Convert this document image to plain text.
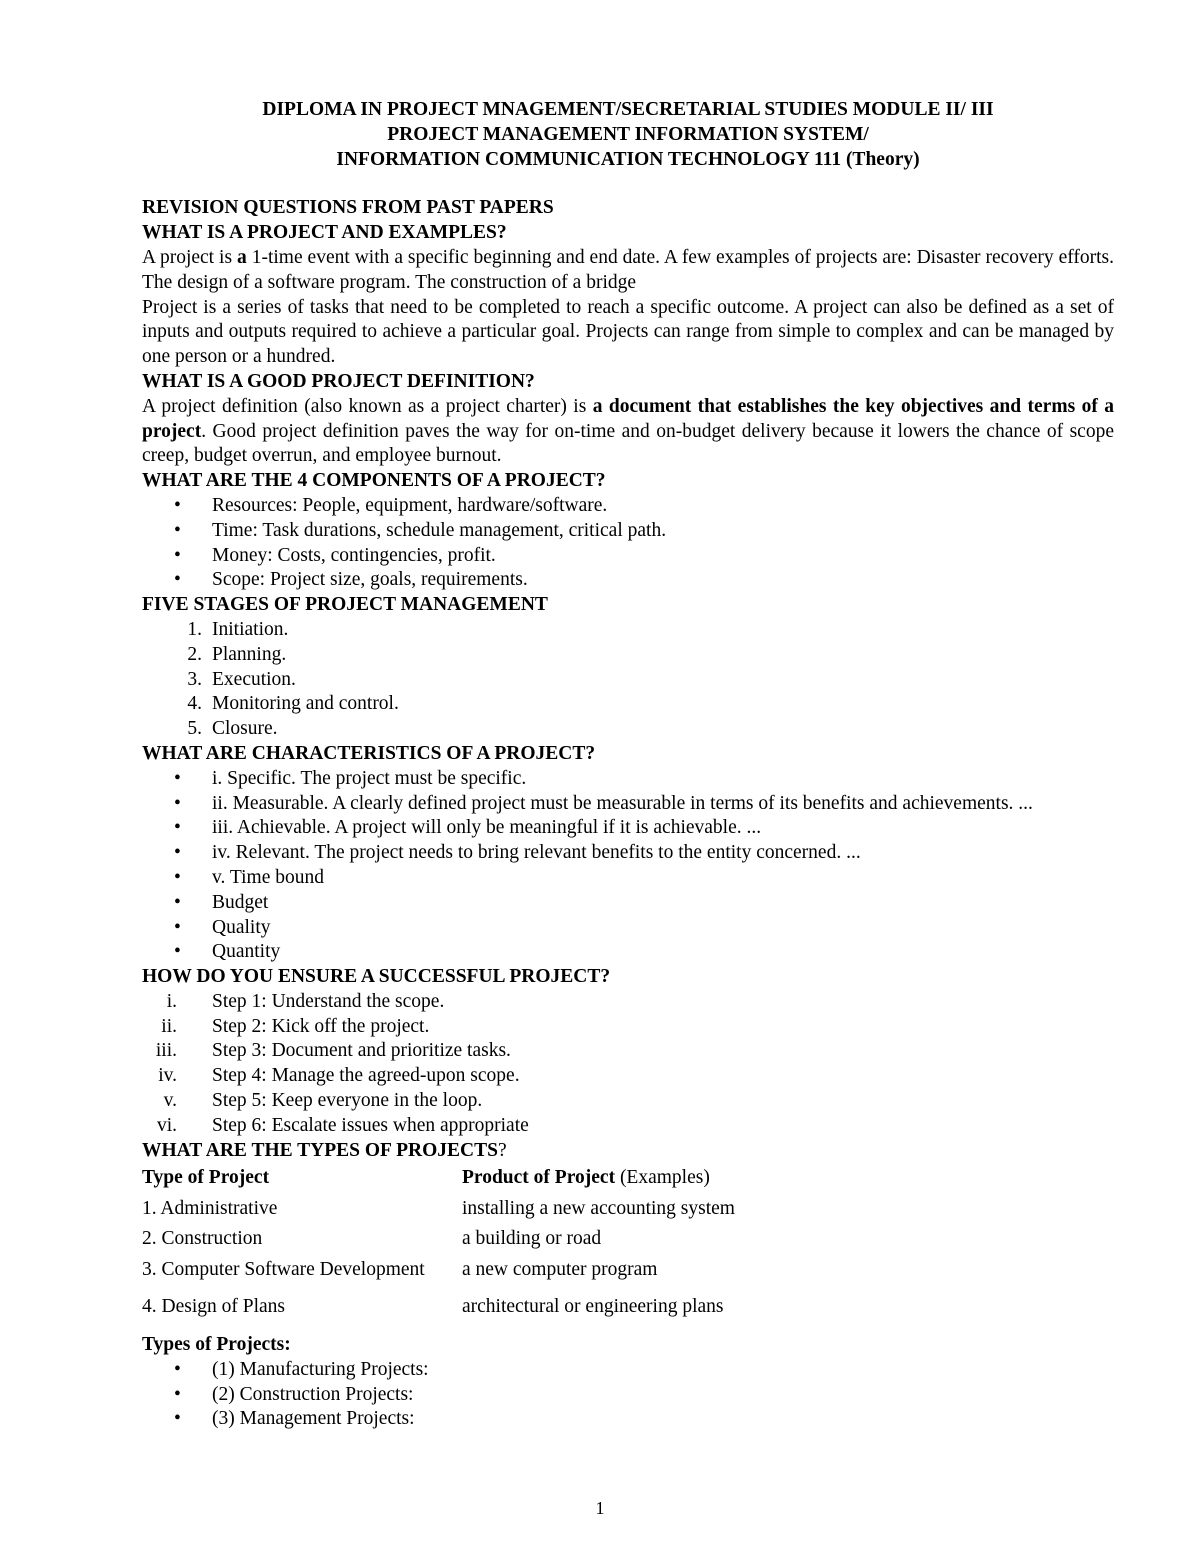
DIPLOMA IN PROJECT MNAGEMENT/SECRETARIAL STUDIES MODULE II/ III
PROJECT MANAGEMENT INFORMATION SYSTEM/
INFORMATION COMMUNICATION TECHNOLOGY 111 (Theory)
REVISION QUESTIONS FROM PAST PAPERS
WHAT IS A PROJECT AND EXAMPLES?
A project is a 1-time event with a specific beginning and end date. A few examples of projects are: Disaster recovery efforts. The design of a software program. The construction of a bridge
Project is a series of tasks that need to be completed to reach a specific outcome. A project can also be defined as a set of inputs and outputs required to achieve a particular goal. Projects can range from simple to complex and can be managed by one person or a hundred.
WHAT IS A GOOD PROJECT DEFINITION?
A project definition (also known as a project charter) is a document that establishes the key objectives and terms of a project. Good project definition paves the way for on-time and on-budget delivery because it lowers the chance of scope creep, budget overrun, and employee burnout.
WHAT ARE THE 4 COMPONENTS OF A PROJECT?
• Resources: People, equipment, hardware/software.
• Time: Task durations, schedule management, critical path.
• Money: Costs, contingencies, profit.
• Scope: Project size, goals, requirements.
FIVE STAGES OF PROJECT MANAGEMENT
1. Initiation.
2. Planning.
3. Execution.
4. Monitoring and control.
5. Closure.
WHAT ARE CHARACTERISTICS OF A PROJECT?
• i. Specific. The project must be specific.
• ii. Measurable. A clearly defined project must be measurable in terms of its benefits and achievements. ...
• iii. Achievable. A project will only be meaningful if it is achievable. ...
• iv. Relevant. The project needs to bring relevant benefits to the entity concerned. ...
• v. Time bound
• Budget
• Quality
• Quantity
HOW DO YOU ENSURE A SUCCESSFUL PROJECT?
i. Step 1: Understand the scope.
ii. Step 2: Kick off the project.
iii. Step 3: Document and prioritize tasks.
iv. Step 4: Manage the agreed-upon scope.
v. Step 5: Keep everyone in the loop.
vi. Step 6: Escalate issues when appropriate
WHAT ARE THE TYPES OF PROJECTS?
Type of Project	Product of Project (Examples)
1. Administrative	installing a new accounting system
2. Construction	a building or road
3. Computer Software Development	a new computer program
4. Design of Plans	architectural or engineering plans
Types of Projects:
• (1) Manufacturing Projects:
• (2) Construction Projects:
• (3) Management Projects:
1
